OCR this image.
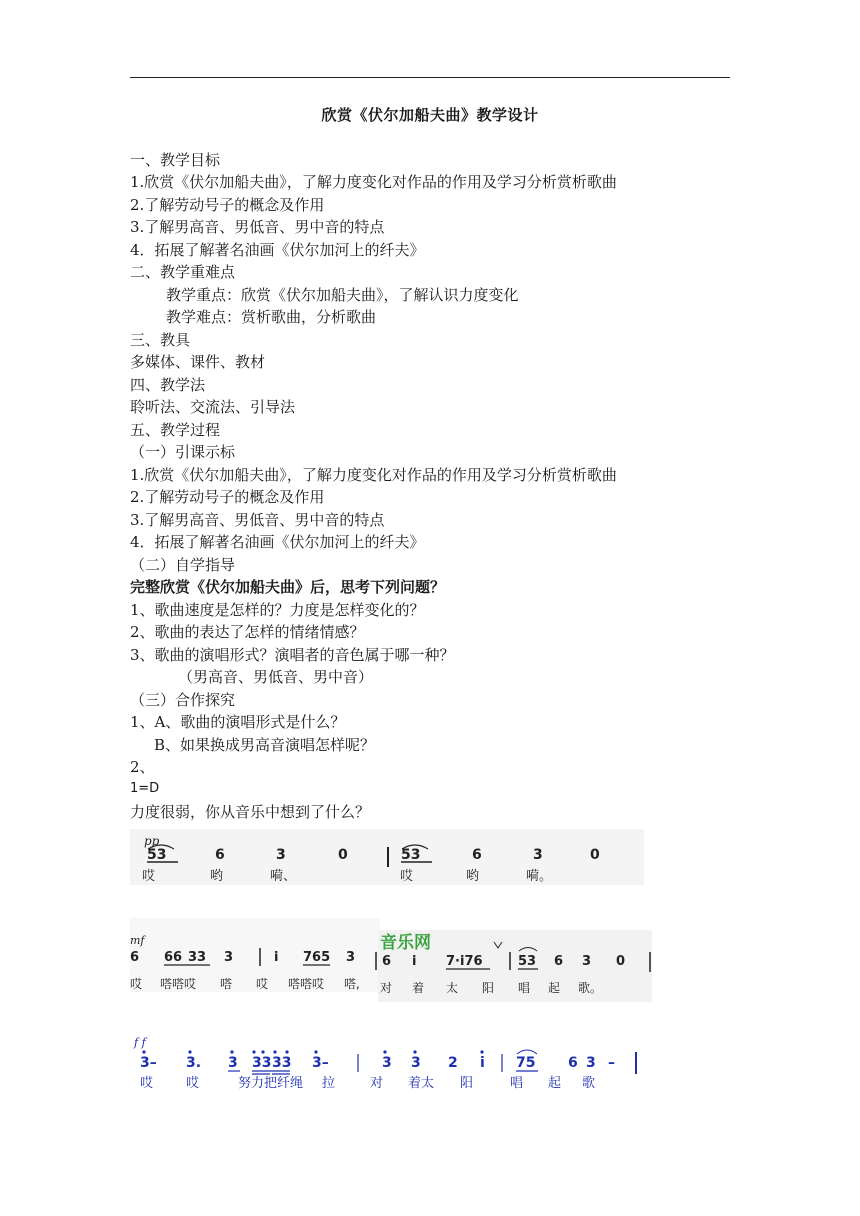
欣赏《伏尔加船夫曲》教学设计
一、教学目标
1.欣赏《伏尔加船夫曲》，了解力度变化对作品的作用及学习分析赏析歌曲
2.了解劳动号子的概念及作用
3.了解男高音、男低音、男中音的特点
4．拓展了解著名油画《伏尔加河上的纤夫》
二、教学重难点
教学重点：欣赏《伏尔加船夫曲》，了解认识力度变化
教学难点：赏析歌曲，分析歌曲
三、教具
多媒体、课件、教材
四、教学法
聆听法、交流法、引导法
五、教学过程
（一）引课示标
1.欣赏《伏尔加船夫曲》，了解力度变化对作品的作用及学习分析赏析歌曲
2.了解劳动号子的概念及作用
3.了解男高音、男低音、男中音的特点
4．拓展了解著名油画《伏尔加河上的纤夫》
（二）自学指导
完整欣赏《伏尔加船夫曲》后，思考下列问题？
1、歌曲速度是怎样的？力度是怎样变化的？
2、歌曲的表达了怎样的情绪情感？
3、歌曲的演唱形式？演唱者的音色属于哪一种？
（男高音、男低音、男中音）
（三）合作探究
1、A、歌曲的演唱形式是什么？
B、如果换成男高音演唱怎样呢？
2、
1=D
力度很弱，你从音乐中想到了什么？
pp
53	6	3	0	53	6	3	0
哎	哟	嗬、	哎	哟	嗬。
mf	音乐网
6 66 33 3	i 765 3 6 i 7·i76	53 6 3 0
哎 嗒嗒哎 嗒 哎 嗒嗒哎 嗒, 对 着 太 阳 唱 起 歌。
f f
3– 3. 3 33 33 3–	3 3 2 i 75 6 3 –
哎	哎	努力把纤绳 拉	对 着太 阳	唱 起 歌
